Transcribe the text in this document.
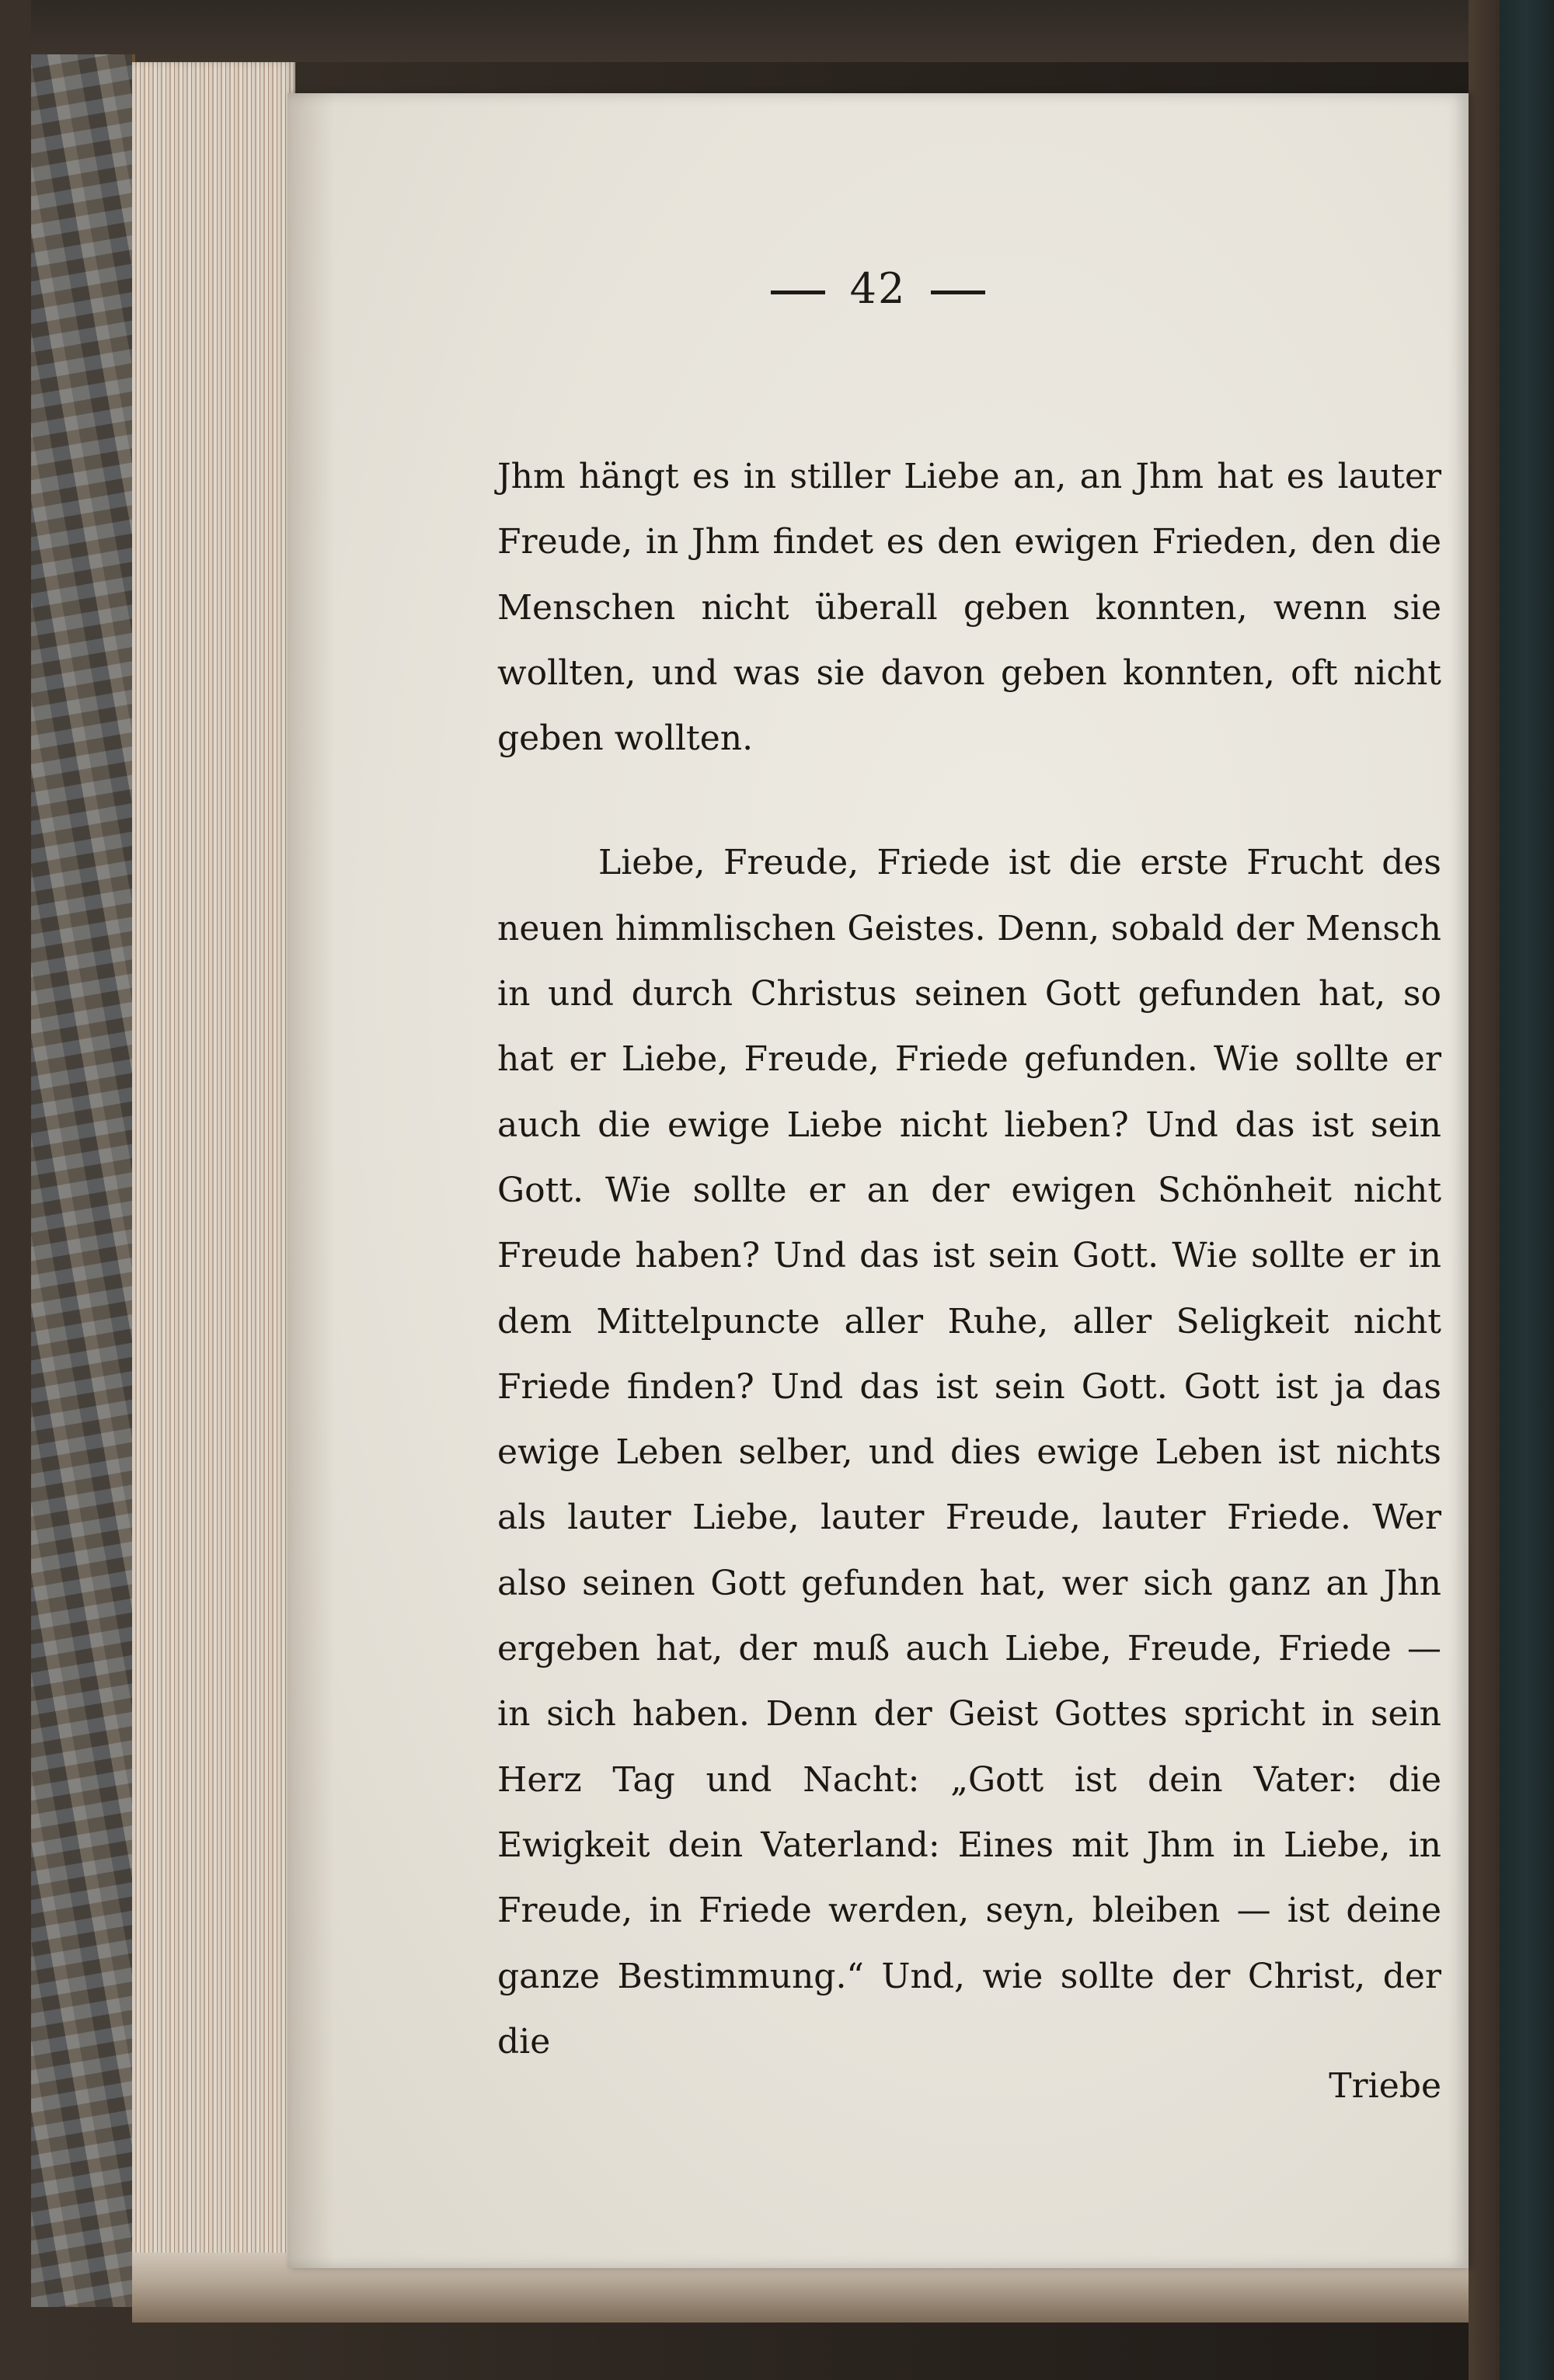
42

Jhm hängt es in stiller Liebe an, an Jhm hat es lauter Freude, in Jhm findet es den ewigen Frieden, den die Menschen nicht überall geben konnten, wenn sie wollten, und was sie davon geben konnten, oft nicht geben wollten.

Liebe, Freude, Friede ist die erste Frucht des neuen himmlischen Geistes. Denn, sobald der Mensch in und durch Christus seinen Gott gefunden hat, so hat er Liebe, Freude, Friede gefunden. Wie sollte er auch die ewige Liebe nicht lieben? Und das ist sein Gott. Wie sollte er an der ewigen Schönheit nicht Freude haben? Und das ist sein Gott. Wie sollte er in dem Mittelpuncte aller Ruhe, aller Seligkeit nicht Friede finden? Und das ist sein Gott. Gott ist ja das ewige Leben selber, und dies ewige Leben ist nichts als lauter Liebe, lauter Freude, lauter Friede. Wer also seinen Gott gefunden hat, wer sich ganz an Jhn ergeben hat, der muß auch Liebe, Freude, Friede — in sich haben. Denn der Geist Gottes spricht in sein Herz Tag und Nacht: „Gott ist dein Vater: die Ewigkeit dein Vaterland: Eines mit Jhm in Liebe, in Freude, in Friede werden, seyn, bleiben — ist deine ganze Bestimmung.“ Und, wie sollte der Christ, der die

Triebe
